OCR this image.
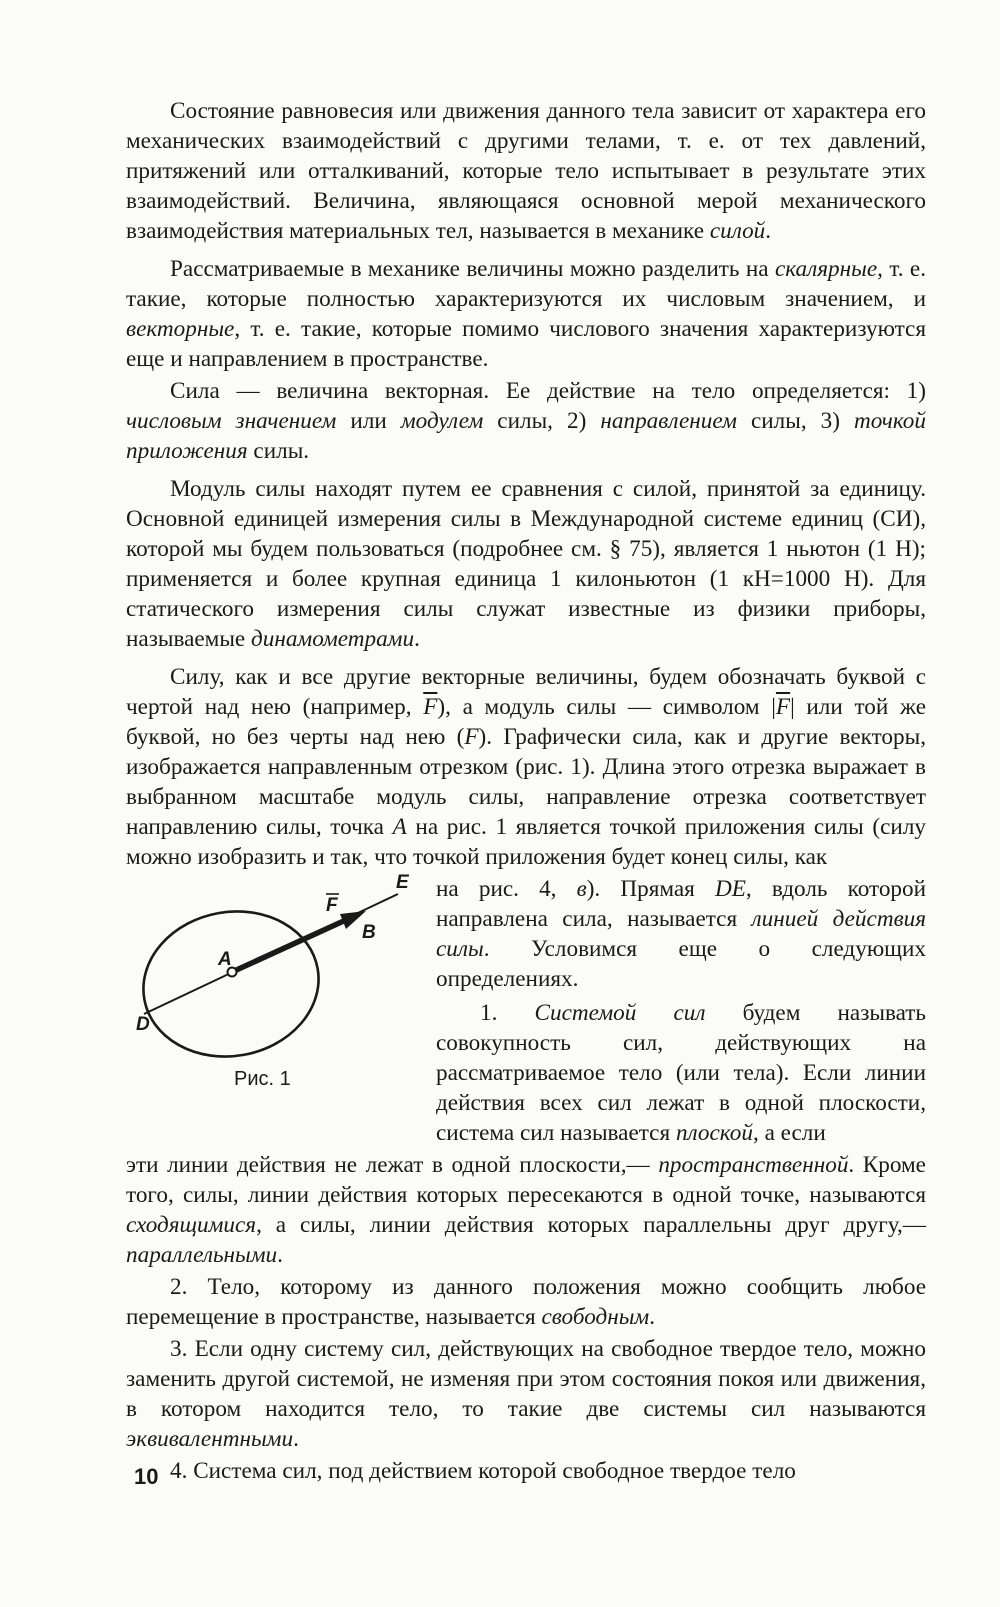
Состояние равновесия или движения данного тела зависит от характера его механических взаимодействий с другими телами, т. е. от тех давлений, притяжений или отталкиваний, которые тело испытывает в результате этих взаимодействий. Величина, являющаяся основной мерой механического взаимодействия материальных тел, называется в механике силой.

Рассматриваемые в механике величины можно разделить на скалярные, т. е. такие, которые полностью характеризуются их числовым значением, и векторные, т. е. такие, которые помимо числового значения характеризуются еще и направлением в пространстве.

Сила — величина векторная. Ее действие на тело определяется: 1) числовым значением или модулем силы, 2) направлением силы, 3) точкой приложения силы.

Модуль силы находят путем ее сравнения с силой, принятой за единицу. Основной единицей измерения силы в Международной системе единиц (СИ), которой мы будем пользоваться (подробнее см. § 75), является 1 ньютон (1 Н); применяется и более крупная единица 1 килоньютон (1 кН=1000 Н). Для статического измерения силы служат известные из физики приборы, называемые динамометрами.

Силу, как и все другие векторные величины, будем обозначать буквой с чертой над нею (например, $\overline{F}$), а модуль силы — символом $|\overline{F}|$ или той же буквой, но без черты над нею (F). Графически сила, как и другие векторы, изображается направленным отрезком (рис. 1). Длина этого отрезка выражает в выбранном масштабе модуль силы, направление отрезка соответствует направлению силы, точка A на рис. 1 является точкой приложения силы (силу можно изобразить и так, что точкой приложения будет конец силы, как

E
F
B
A
D
Рис. 1

на рис. 4, в). Прямая DE, вдоль которой направлена сила, называется линией действия силы. Условимся еще о следующих определениях.

1. Системой сил будем называть совокупность сил, действующих на рассматриваемое тело (или тела). Если линии действия всех сил лежат в одной плоскости, система сил называется плоской, а если

эти линии действия не лежат в одной плоскости,— пространственной. Кроме того, силы, линии действия которых пересекаются в одной точке, называются сходящимися, а силы, линии действия которых параллельны друг другу,— параллельными.

2. Тело, которому из данного положения можно сообщить любое перемещение в пространстве, называется свободным.

3. Если одну систему сил, действующих на свободное твердое тело, можно заменить другой системой, не изменяя при этом состояния покоя или движения, в котором находится тело, то такие две системы сил называются эквивалентными.

4. Система сил, под действием которой свободное твердое тело

10
